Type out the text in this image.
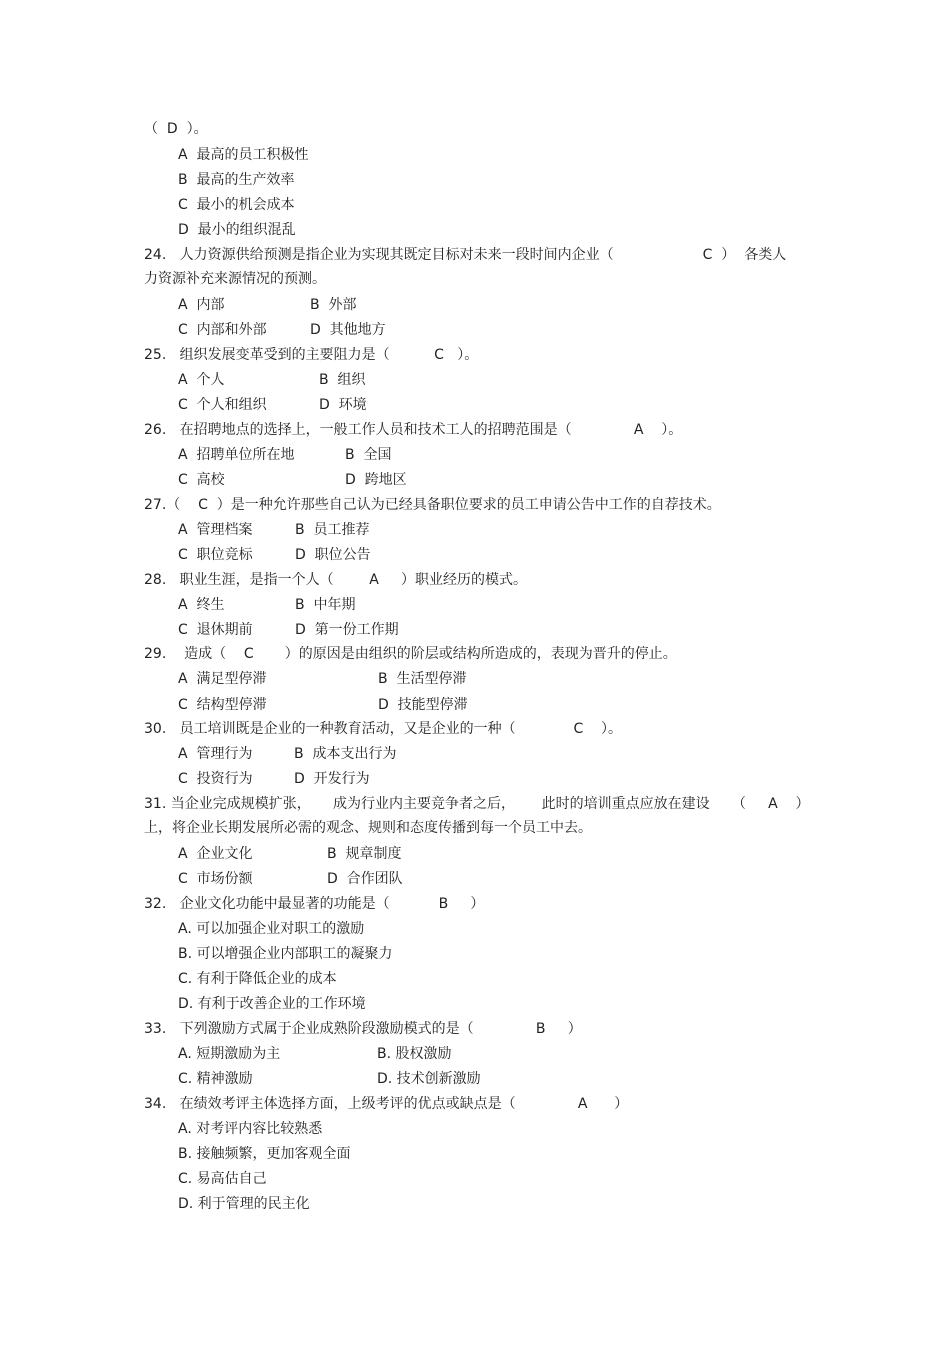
（  D  ）。
A  最高的员工积极性
B  最高的生产效率
C  最小的机会成本
D  最小的组织混乱
24.   人力资源供给预测是指企业为实现其既定目标对未来一段时间内企业（                    C  ）  各类人
力资源补充来源情况的预测。
25.   组织发展变革受到的主要阻力是（          C   ）。
26.   在招聘地点的选择上，一般工作人员和技术工人的招聘范围是（              A    ）。
27.（    C  ）是一种允许那些自己认为已经具备职位要求的员工申请公告中工作的自荐技术。
28.   职业生涯，是指一个人（        A     ）职业经历的模式。
29.    造成（    C       ）的原因是由组织的阶层或结构所造成的，表现为晋升的停止。
30.   员工培训既是企业的一种教育活动，又是企业的一种（             C    ）。
31. 当企业完成规模扩张，     成为行业内主要竞争者之后，      此时的培训重点应放在建设     （     A    ）
上，将企业长期发展所必需的观念、规则和态度传播到每一个员工中去。
32.   企业文化功能中最显著的功能是（           B     ）
A. 可以加强企业对职工的激励
B. 可以增强企业内部职工的凝聚力
C. 有利于降低企业的成本
D. 有利于改善企业的工作环境
33.   下列激励方式属于企业成熟阶段激励模式的是（              B     ）
34.   在绩效考评主体选择方面，上级考评的优点或缺点是（              A      ）
A. 对考评内容比较熟悉
B. 接触频繁，更加客观全面
C. 易高估自己
D. 利于管理的民主化
A  内部	B  外部
C  内部和外部	D  其他地方
A  个人	B  组织
C  个人和组织	D  环境
A  招聘单位所在地	B  全国
C  高校	D  跨地区
A  管理档案	B  员工推荐
C  职位竞标	D  职位公告
A  终生	B  中年期
C  退休期前	D  第一份工作期
A  满足型停滞	B  生活型停滞
C  结构型停滞	D  技能型停滞
A  管理行为	B  成本支出行为
C  投资行为	D  开发行为
A  企业文化	B  规章制度
C  市场份额	D  合作团队
A. 短期激励为主	B. 股权激励
C. 精神激励	D. 技术创新激励
